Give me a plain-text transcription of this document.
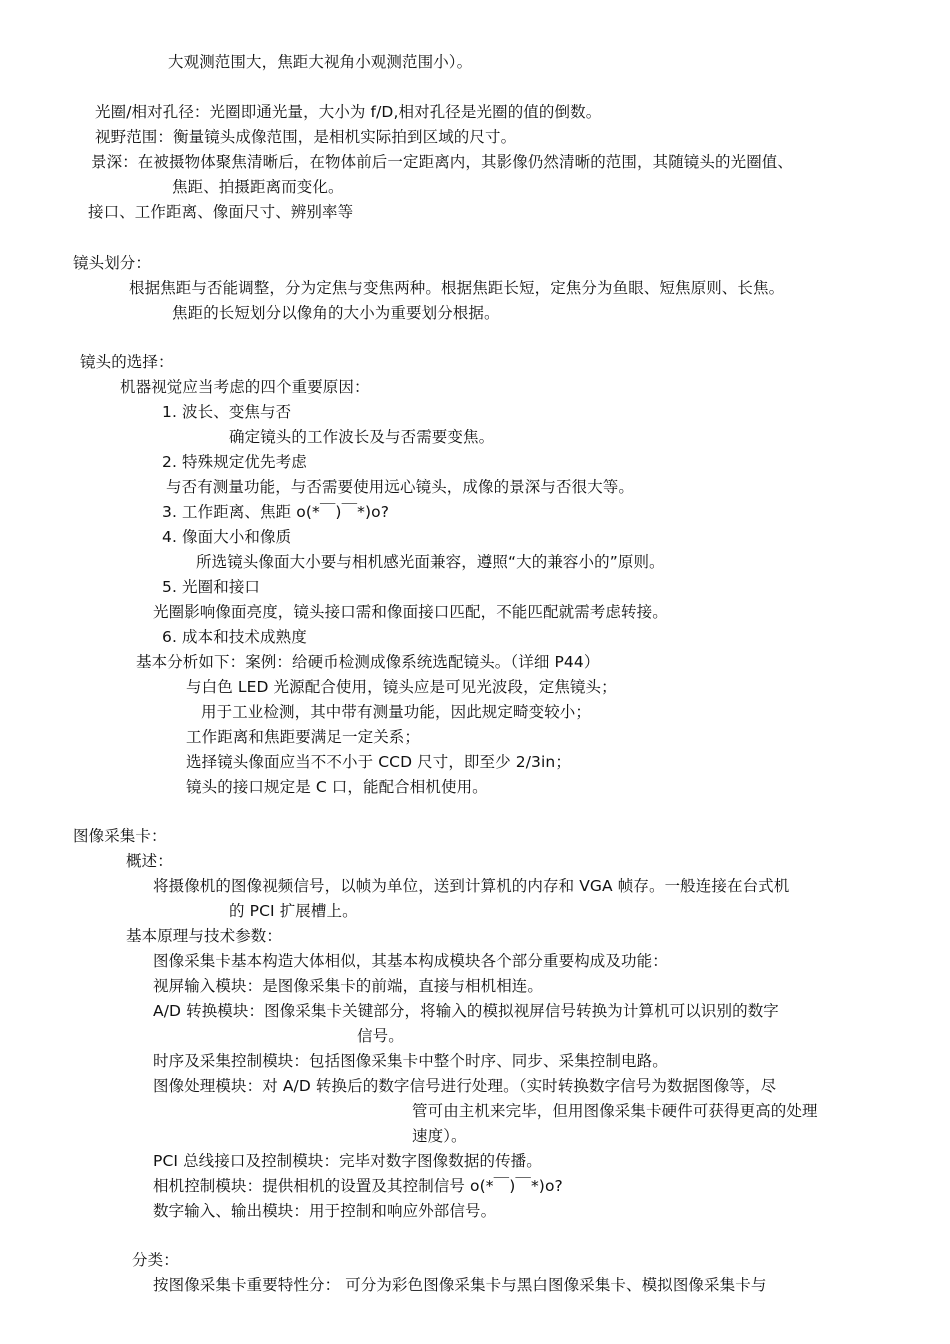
大观测范围大，焦距大视角小观测范围小）。
光圈/相对孔径：光圈即通光量，大小为 f/D,相对孔径是光圈的值的倒数。
视野范围：衡量镜头成像范围，是相机实际拍到区域的尺寸。
景深：在被摄物体聚焦清晰后，在物体前后一定距离内，其影像仍然清晰的范围，其随镜头的光圈值、
焦距、拍摄距离而变化。
接口、工作距离、像面尺寸、辨别率等
镜头划分：
根据焦距与否能调整，分为定焦与变焦两种。根据焦距长短，定焦分为鱼眼、短焦原则、长焦。
焦距的长短划分以像角的大小为重要划分根据。
镜头的选择：
机器视觉应当考虑的四个重要原因：
1. 波长、变焦与否
确定镜头的工作波长及与否需要变焦。
2. 特殊规定优先考虑
与否有测量功能，与否需要使用远心镜头，成像的景深与否很大等。
3. 工作距离、焦距 o(*￣)￣*)o?
4. 像面大小和像质
所选镜头像面大小要与相机感光面兼容，遵照“大的兼容小的”原则。
5. 光圈和接口
光圈影响像面亮度，镜头接口需和像面接口匹配，不能匹配就需考虑转接。
6. 成本和技术成熟度
基本分析如下：案例：给硬币检测成像系统选配镜头。（详细 P44）
与白色 LED 光源配合使用，镜头应是可见光波段，定焦镜头；
用于工业检测，其中带有测量功能，因此规定畸变较小；
工作距离和焦距要满足一定关系；
选择镜头像面应当不不小于 CCD 尺寸，即至少 2/3in；
镜头的接口规定是 C 口，能配合相机使用。
图像采集卡：
概述：
将摄像机的图像视频信号，以帧为单位，送到计算机的内存和 VGA 帧存。一般连接在台式机
的 PCI 扩展槽上。
基本原理与技术参数：
图像采集卡基本构造大体相似，其基本构成模块各个部分重要构成及功能：
视屏输入模块：是图像采集卡的前端，直接与相机相连。
A/D 转换模块：图像采集卡关键部分，将输入的模拟视屏信号转换为计算机可以识别的数字
信号。
时序及采集控制模块：包括图像采集卡中整个时序、同步、采集控制电路。
图像处理模块：对 A/D 转换后的数字信号进行处理。（实时转换数字信号为数据图像等，尽
管可由主机来完毕，但用图像采集卡硬件可获得更高的处理
速度）。
PCI 总线接口及控制模块：完毕对数字图像数据的传播。
相机控制模块：提供相机的设置及其控制信号 o(*￣)￣*)o?
数字输入、输出模块：用于控制和响应外部信号。
分类：
按图像采集卡重要特性分： 可分为彩色图像采集卡与黑白图像采集卡、模拟图像采集卡与
